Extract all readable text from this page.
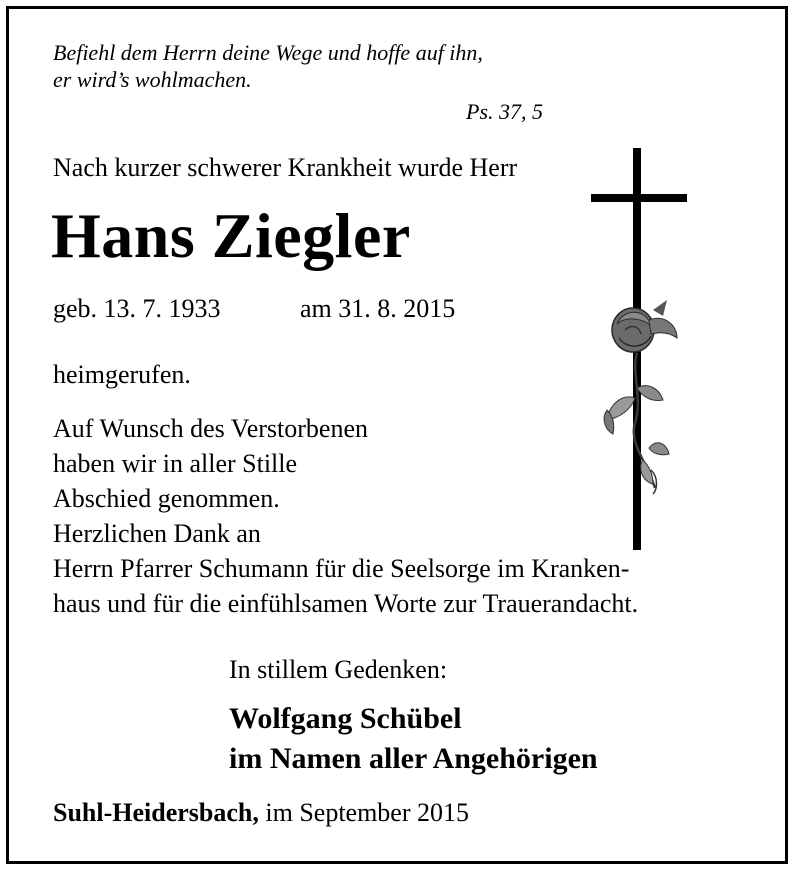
Befiehl dem Herrn deine Wege und hoffe auf ihn,
er wird’s wohlmachen.
Ps. 37, 5
Nach kurzer schwerer Krankheit wurde Herr
Hans Ziegler
geb. 13. 7. 1933	am 31. 8. 2015
heimgerufen.
Auf Wunsch des Verstorbenen
haben wir in aller Stille
Abschied genommen.
Herzlichen Dank an
Herrn Pfarrer Schumann für die Seelsorge im Kranken-
haus und für die einfühlsamen Worte zur Trauerandacht.
In stillem Gedenken:
Wolfgang Schübel
im Namen aller Angehörigen
Suhl-Heidersbach, im September 2015
